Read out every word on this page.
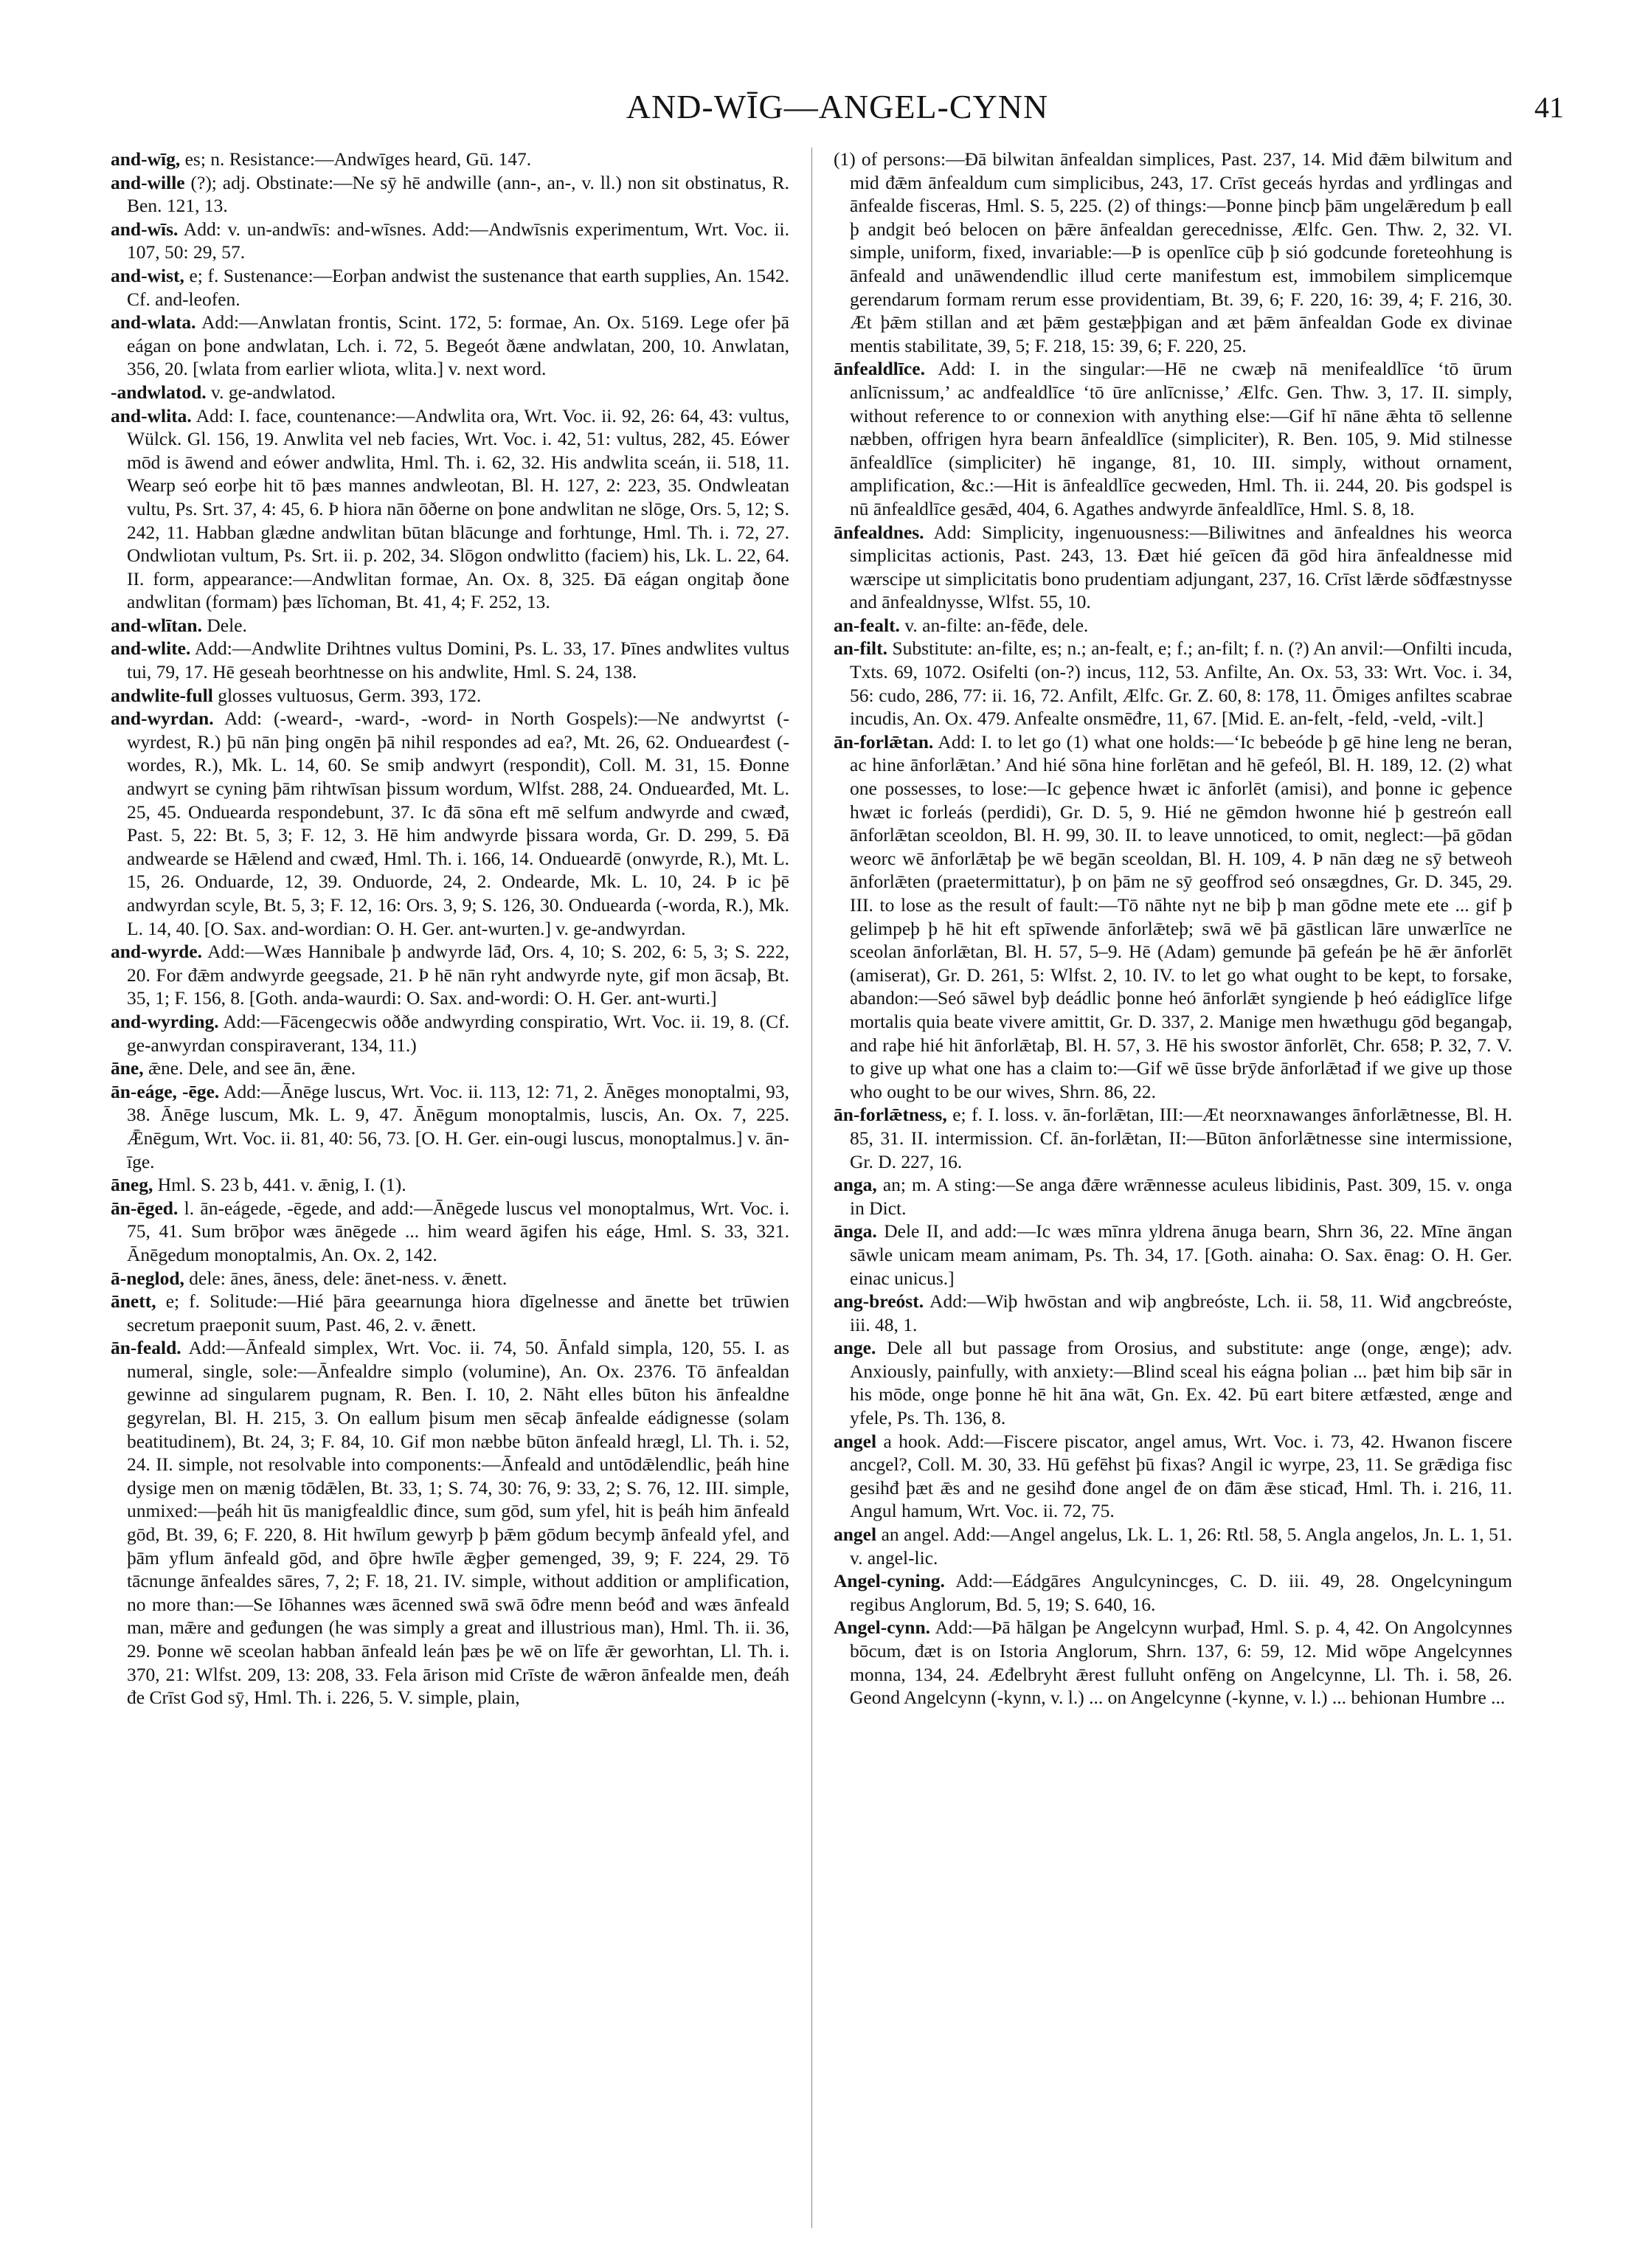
AND-WĪG—ANGEL-CYNN	41

and-wīg, es; n. Resistance:—Andwīges heard, Gū. 147.

and-wille (?); adj. Obstinate:—Ne sȳ hē andwille (ann-, an-, v. ll.) non sit obstinatus, R. Ben. 121, 13.

and-wīs. Add: v. un-andwīs: and-wīsnes. Add:—Andwīsnis experimentum, Wrt. Voc. ii. 107, 50: 29, 57.

and-wist, e; f. Sustenance:—Eorþan andwist the sustenance that earth supplies, An. 1542. Cf. and-leofen.

and-wlata. Add:—Anwlatan frontis, Scint. 172, 5: formae, An. Ox. 5169. Lege ofer þā eágan on þone andwlatan, Lch. i. 72, 5. Begeót ðæne andwlatan, 200, 10. Anwlatan, 356, 20. [wlata from earlier wliota, wlita.] v. next word.

-andwlatod. v. ge-andwlatod.

and-wlita. Add: I. face, countenance:—Andwlita ora, Wrt. Voc. ii. 92, 26: 64, 43: vultus, Wülck. Gl. 156, 19. Anwlita vel neb facies, Wrt. Voc. i. 42, 51: vultus, 282, 45. Eówer mōd is āwend and eówer andwlita, Hml. Th. i. 62, 32. His andwlita sceán, ii. 518, 11. Wearp seó eorþe hit tō þæs mannes andwleotan, Bl. H. 127, 2: 223, 35. Ondwleatan vultu, Ps. Srt. 37, 4: 45, 6. Þ hiora nān ōðerne on þone andwlitan ne slōge, Ors. 5, 12; S. 242, 11. Habban glædne andwlitan būtan blācunge and forhtunge, Hml. Th. i. 72, 27. Ondwliotan vultum, Ps. Srt. ii. p. 202, 34. Slōgon ondwlitto (faciem) his, Lk. L. 22, 64. II. form, appearance:—Andwlitan formae, An. Ox. 8, 325. Ðā eágan ongitaþ ðone andwlitan (formam) þæs līchoman, Bt. 41, 4; F. 252, 13.

and-wlītan. Dele.

and-wlite. Add:—Andwlite Drihtnes vultus Domini, Ps. L. 33, 17. Þīnes andwlites vultus tui, 79, 17. Hē geseah beorhtnesse on his andwlite, Hml. S. 24, 138.

andwlite-full glosses vultuosus, Germ. 393, 172.

and-wyrdan. Add: (-weard-, -ward-, -word- in North Gospels):—Ne andwyrtst (-wyrdest, R.) þū nān þing ongēn þā nihil respondes ad ea?, Mt. 26, 62. Onduearđest (-wordes, R.), Mk. L. 14, 60. Se smiþ andwyrt (respondit), Coll. M. 31, 15. Đonne andwyrt se cyning þām rihtwīsan þissum wordum, Wlfst. 288, 24. Onduearđed, Mt. L. 25, 45. Onduearda respondebunt, 37. Ic đā sōna eft mē selfum andwyrde and cwæđ, Past. 5, 22: Bt. 5, 3; F. 12, 3. Hē him andwyrde þissara worda, Gr. D. 299, 5. Đā andwearde se Hǣlend and cwæđ, Hml. Th. i. 166, 14. Ondueardē (onwyrde, R.), Mt. L. 15, 26. Onduarde, 12, 39. Onduorde, 24, 2. Ondearde, Mk. L. 10, 24. Þ ic þē andwyrdan scyle, Bt. 5, 3; F. 12, 16: Ors. 3, 9; S. 126, 30. Onduearda (-worda, R.), Mk. L. 14, 40. [O. Sax. and-wordian: O. H. Ger. ant-wurten.] v. ge-andwyrdan.

and-wyrde. Add:—Wæs Hannibale þ andwyrde lāđ, Ors. 4, 10; S. 202, 6: 5, 3; S. 222, 20. For đǣm andwyrde geegsade, 21. Þ hē nān ryht andwyrde nyte, gif mon ācsaþ, Bt. 35, 1; F. 156, 8. [Goth. anda-waurdi: O. Sax. and-wordi: O. H. Ger. ant-wurti.]

and-wyrding. Add:—Fācengecwis oððe andwyrding conspiratio, Wrt. Voc. ii. 19, 8. (Cf. ge-anwyrdan conspiraverant, 134, 11.)

āne, ǣne. Dele, and see ān, ǣne.

ān-eáge, -ēge. Add:—Ānēge luscus, Wrt. Voc. ii. 113, 12: 71, 2. Ānēges monoptalmi, 93, 38. Ānēge luscum, Mk. L. 9, 47. Ānēgum monoptalmis, luscis, An. Ox. 7, 225. Ǣnēgum, Wrt. Voc. ii. 81, 40: 56, 73. [O. H. Ger. ein-ougi luscus, monoptalmus.] v. ān-īge.

āneg, Hml. S. 23 b, 441. v. ǣnig, I. (1).

ān-ēged. l. ān-eágede, -ēgede, and add:—Ānēgede luscus vel monoptalmus, Wrt. Voc. i. 75, 41. Sum brōþor wæs ānēgede ... him weard āgifen his eáge, Hml. S. 33, 321. Ānēgedum monoptalmis, An. Ox. 2, 142.

ā-neglod, dele: ānes, āness, dele: ānet-ness. v. ǣnett.

ānett, e; f. Solitude:—Hié þāra geearnunga hiora dīgelnesse and ānette bet trūwien secretum praeponit suum, Past. 46, 2. v. ǣnett.

ān-feald. Add:—Ānfeald simplex, Wrt. Voc. ii. 74, 50. Ānfald simpla, 120, 55. I. as numeral, single, sole:—Ānfealdre simplo (volumine), An. Ox. 2376. Tō ānfealdan gewinne ad singularem pugnam, R. Ben. I. 10, 2. Nāht elles būton his ānfealdne gegyrelan, Bl. H. 215, 3. On eallum þisum men sēcaþ ānfealde eádignesse (solam beatitudinem), Bt. 24, 3; F. 84, 10. Gif mon næbbe būton ānfeald hrægl, Ll. Th. i. 52, 24. II. simple, not resolvable into components:—Ānfeald and untōdǣlendlic, þeáh hine dysige men on mænig tōdǣlen, Bt. 33, 1; S. 74, 30: 76, 9: 33, 2; S. 76, 12. III. simple, unmixed:—þeáh hit ūs manigfealdlic đince, sum gōd, sum yfel, hit is þeáh him ānfeald gōd, Bt. 39, 6; F. 220, 8. Hit hwīlum gewyrþ þ þǣm gōdum becymþ ānfeald yfel, and þām yflum ānfeald gōd, and ōþre hwīle ǣgþer gemenged, 39, 9; F. 224, 29. Tō tācnunge ānfealdes sāres, 7, 2; F. 18, 21. IV. simple, without addition or amplification, no more than:—Se Iōhannes wæs ācenned swā swā ōđre menn beóđ and wæs ānfeald man, mǣre and geđungen (he was simply a great and illustrious man), Hml. Th. ii. 36, 29. Þonne wē sceolan habban ānfeald leán þæs þe wē on līfe ǣr geworhtan, Ll. Th. i. 370, 21: Wlfst. 209, 13: 208, 33. Fela ārison mid Crīste đe wǣron ānfealde men, đeáh đe Crīst God sȳ, Hml. Th. i. 226, 5. V. simple, plain,

(1) of persons:—Đā bilwitan ānfealdan simplices, Past. 237, 14. Mid đǣm bilwitum and mid đǣm ānfealdum cum simplicibus, 243, 17. Crīst geceás hyrdas and yrđlingas and ānfealde fisceras, Hml. S. 5, 225. (2) of things:—Þonne þincþ þām ungelǣredum þ eall þ andgit beó belocen on þǣre ānfealdan gerecednisse, Ælfc. Gen. Thw. 2, 32. VI. simple, uniform, fixed, invariable:—Þ is openlīce cūþ þ sió godcunde foreteohhung is ānfeald and unāwendendlic illud certe manifestum est, immobilem simplicemque gerendarum formam rerum esse providentiam, Bt. 39, 6; F. 220, 16: 39, 4; F. 216, 30. Æt þǣm stillan and æt þǣm gestæþþigan and æt þǣm ānfealdan Gode ex divinae mentis stabilitate, 39, 5; F. 218, 15: 39, 6; F. 220, 25.

ānfealdlīce. Add: I. in the singular:—Hē ne cwæþ nā menifealdlīce ‘tō ūrum anlīcnissum,’ ac andfealdlīce ‘tō ūre anlīcnisse,’ Ælfc. Gen. Thw. 3, 17. II. simply, without reference to or connexion with anything else:—Gif hī nāne ǣhta tō sellenne næbben, offrigen hyra bearn ānfealdlīce (simpliciter), R. Ben. 105, 9. Mid stilnesse ānfealdlīce (simpliciter) hē ingange, 81, 10. III. simply, without ornament, amplification, &c.:—Hit is ānfealdlīce gecweden, Hml. Th. ii. 244, 20. Þis godspel is nū ānfealdlīce gesǣd, 404, 6. Agathes andwyrde ānfealdlīce, Hml. S. 8, 18.

ānfealdnes. Add: Simplicity, ingenuousness:—Biliwitnes and ānfealdnes his weorca simplicitas actionis, Past. 243, 13. Đæt hié geīcen đā gōd hira ānfealdnesse mid wærscipe ut simplicitatis bono prudentiam adjungant, 237, 16. Crīst lǣrde sōđfæstnysse and ānfealdnysse, Wlfst. 55, 10.

an-fealt. v. an-filte: an-fēđe, dele.

an-filt. Substitute: an-filte, es; n.; an-fealt, e; f.; an-filt; f. n. (?) An anvil:—Onfilti incuda, Txts. 69, 1072. Osifelti (on-?) incus, 112, 53. Anfilte, An. Ox. 53, 33: Wrt. Voc. i. 34, 56: cudo, 286, 77: ii. 16, 72. Anfilt, Ælfc. Gr. Z. 60, 8: 178, 11. Ōmiges anfiltes scabrae incudis, An. Ox. 479. Anfealte onsmēđre, 11, 67. [Mid. E. an-felt, -feld, -veld, -vilt.]

ān-forlǣtan. Add: I. to let go (1) what one holds:—‘Ic bebeóde þ gē hine leng ne beran, ac hine ānforlǣtan.’ And hié sōna hine forlētan and hē gefeól, Bl. H. 189, 12. (2) what one possesses, to lose:—Ic geþence hwæt ic ānforlēt (amisi), and þonne ic geþence hwæt ic forleás (perdidi), Gr. D. 5, 9. Hié ne gēmdon hwonne hié þ gestreón eall ānforlǣtan sceoldon, Bl. H. 99, 30. II. to leave unnoticed, to omit, neglect:—þā gōdan weorc wē ānforlǣtaþ þe wē begān sceoldan, Bl. H. 109, 4. Þ nān dæg ne sȳ betweoh ānforlǣten (praetermittatur), þ on þām ne sȳ geoffrod seó onsægdnes, Gr. D. 345, 29. III. to lose as the result of fault:—Tō nāhte nyt ne biþ þ man gōdne mete ete ... gif þ gelimpeþ þ hē hit eft spīwende ānforlǣteþ; swā wē þā gāstlican lāre unwærlīce ne sceolan ānforlǣtan, Bl. H. 57, 5–9. Hē (Adam) gemunde þā gefeán þe hē ǣr ānforlēt (amiserat), Gr. D. 261, 5: Wlfst. 2, 10. IV. to let go what ought to be kept, to forsake, abandon:—Seó sāwel byþ deádlic þonne heó ānforlǣt syngiende þ heó eádiglīce lifge mortalis quia beate vivere amittit, Gr. D. 337, 2. Manige men hwæthugu gōd begangaþ, and raþe hié hit ānforlǣtaþ, Bl. H. 57, 3. Hē his swostor ānforlēt, Chr. 658; P. 32, 7. V. to give up what one has a claim to:—Gif wē ūsse brȳde ānforlǣtađ if we give up those who ought to be our wives, Shrn. 86, 22.

ān-forlǣtness, e; f. I. loss. v. ān-forlǣtan, III:—Æt neorxnawanges ānforlǣtnesse, Bl. H. 85, 31. II. intermission. Cf. ān-forlǣtan, II:—Būton ānforlǣtnesse sine intermissione, Gr. D. 227, 16.

anga, an; m. A sting:—Se anga đǣre wrǣnnesse aculeus libidinis, Past. 309, 15. v. onga in Dict.

ānga. Dele II, and add:—Ic wæs mīnra yldrena ānuga bearn, Shrn 36, 22. Mīne āngan sāwle unicam meam animam, Ps. Th. 34, 17. [Goth. ainaha: O. Sax. ēnag: O. H. Ger. einac unicus.]

ang-breóst. Add:—Wiþ hwōstan and wiþ angbreóste, Lch. ii. 58, 11. Wiđ angcbreóste, iii. 48, 1.

ange. Dele all but passage from Orosius, and substitute: ange (onge, ænge); adv. Anxiously, painfully, with anxiety:—Blind sceal his eágna þolian ... þæt him biþ sār in his mōde, onge þonne hē hit āna wāt, Gn. Ex. 42. Þū eart bitere ætfæsted, ænge and yfele, Ps. Th. 136, 8.

angel a hook. Add:—Fiscere piscator, angel amus, Wrt. Voc. i. 73, 42. Hwanon fiscere ancgel?, Coll. M. 30, 33. Hū gefēhst þū fixas? Angil ic wyrpe, 23, 11. Se grǣdiga fisc gesihđ þæt ǣs and ne gesihđ đone angel đe on đām ǣse sticađ, Hml. Th. i. 216, 11. Angul hamum, Wrt. Voc. ii. 72, 75.

angel an angel. Add:—Angel angelus, Lk. L. 1, 26: Rtl. 58, 5. Angla angelos, Jn. L. 1, 51. v. angel-lic.

Angel-cyning. Add:—Eádgāres Angulcynincges, C. D. iii. 49, 28. Ongelcyningum regibus Anglorum, Bd. 5, 19; S. 640, 16.

Angel-cynn. Add:—Þā hālgan þe Angelcynn wurþađ, Hml. S. p. 4, 42. On Angolcynnes bōcum, đæt is on Istoria Anglorum, Shrn. 137, 6: 59, 12. Mid wōpe Angelcynnes monna, 134, 24. Æđelbryht ǣrest fulluht onfēng on Angelcynne, Ll. Th. i. 58, 26. Geond Angelcynn (-kynn, v. l.) ... on Angelcynne (-kynne, v. l.) ... behionan Humbre ...
